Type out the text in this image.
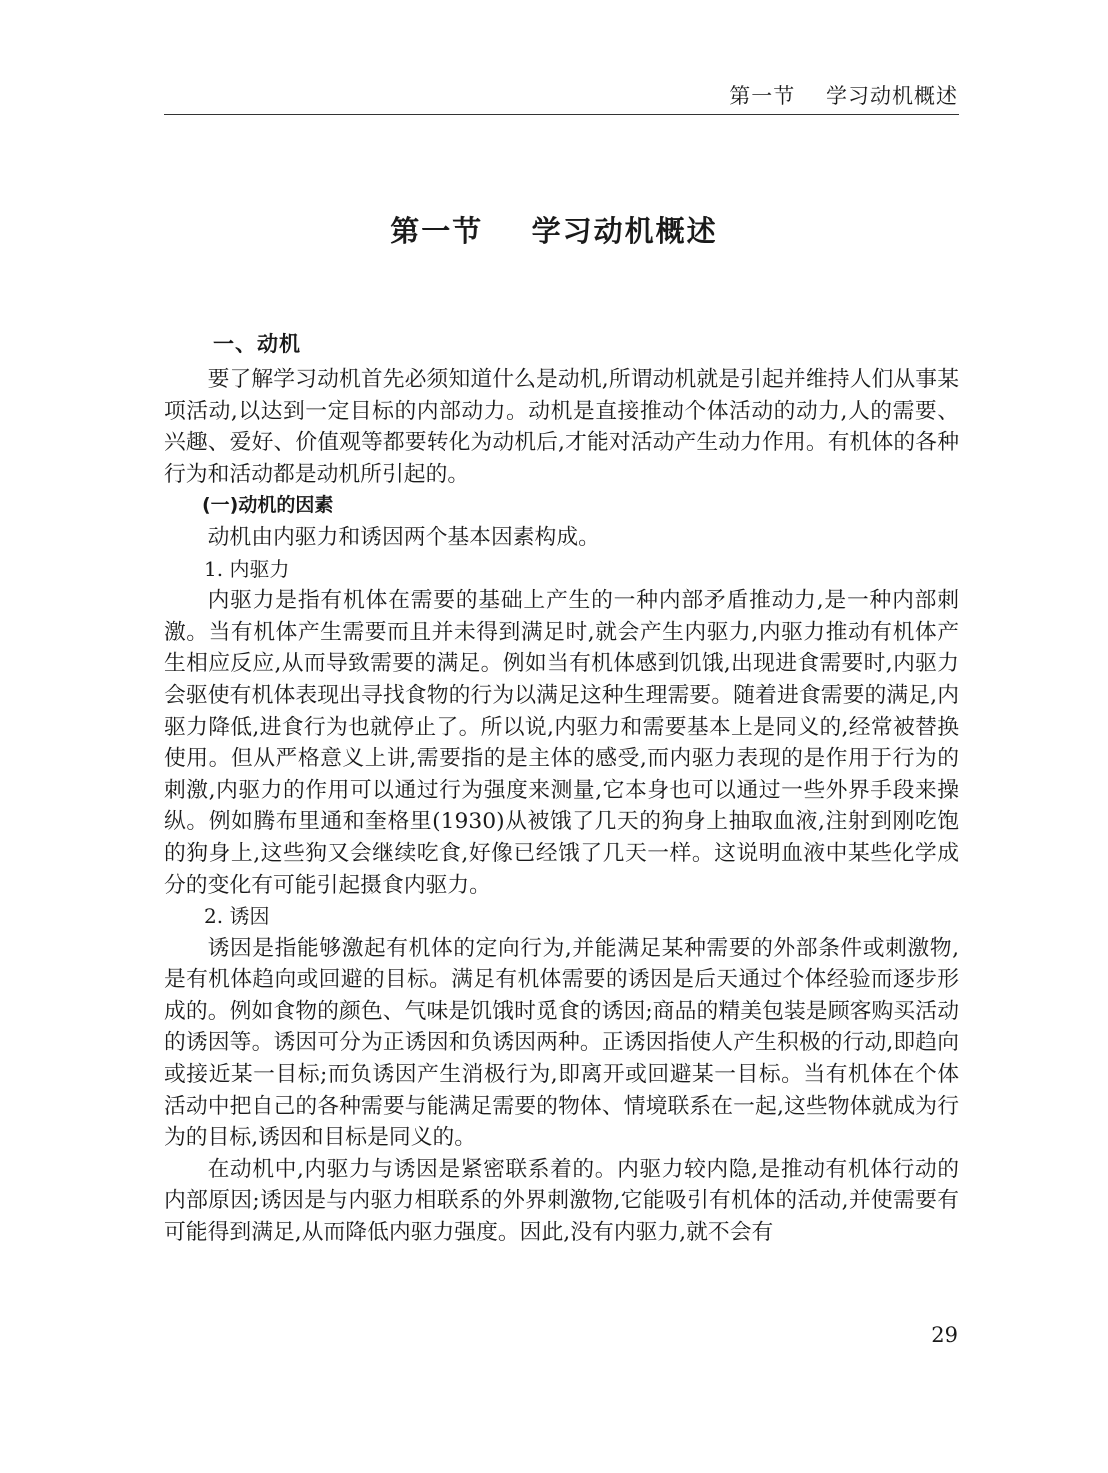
第一节    学习动机概述
第一节    学习动机概述
一、动机

要了解学习动机首先必须知道什么是动机,所谓动机就是引起并维持人们从事某项活动,以达到一定目标的内部动力。动机是直接推动个体活动的动力,人的需要、兴趣、爱好、价值观等都要转化为动机后,才能对活动产生动力作用。有机体的各种行为和活动都是动机所引起的。

(一)动机的因素

动机由内驱力和诱因两个基本因素构成。

1. 内驱力

内驱力是指有机体在需要的基础上产生的一种内部矛盾推动力,是一种内部刺激。当有机体产生需要而且并未得到满足时,就会产生内驱力,内驱力推动有机体产生相应反应,从而导致需要的满足。例如当有机体感到饥饿,出现进食需要时,内驱力会驱使有机体表现出寻找食物的行为以满足这种生理需要。随着进食需要的满足,内驱力降低,进食行为也就停止了。所以说,内驱力和需要基本上是同义的,经常被替换使用。但从严格意义上讲,需要指的是主体的感受,而内驱力表现的是作用于行为的刺激,内驱力的作用可以通过行为强度来测量,它本身也可以通过一些外界手段来操纵。例如腾布里通和奎格里(1930)从被饿了几天的狗身上抽取血液,注射到刚吃饱的狗身上,这些狗又会继续吃食,好像已经饿了几天一样。这说明血液中某些化学成分的变化有可能引起摄食内驱力。

2. 诱因

诱因是指能够激起有机体的定向行为,并能满足某种需要的外部条件或刺激物,是有机体趋向或回避的目标。满足有机体需要的诱因是后天通过个体经验而逐步形成的。例如食物的颜色、气味是饥饿时觅食的诱因;商品的精美包装是顾客购买活动的诱因等。诱因可分为正诱因和负诱因两种。正诱因指使人产生积极的行动,即趋向或接近某一目标;而负诱因产生消极行为,即离开或回避某一目标。当有机体在个体活动中把自己的各种需要与能满足需要的物体、情境联系在一起,这些物体就成为行为的目标,诱因和目标是同义的。

在动机中,内驱力与诱因是紧密联系着的。内驱力较内隐,是推动有机体行动的内部原因;诱因是与内驱力相联系的外界刺激物,它能吸引有机体的活动,并使需要有可能得到满足,从而降低内驱力强度。因此,没有内驱力,就不会有

29
